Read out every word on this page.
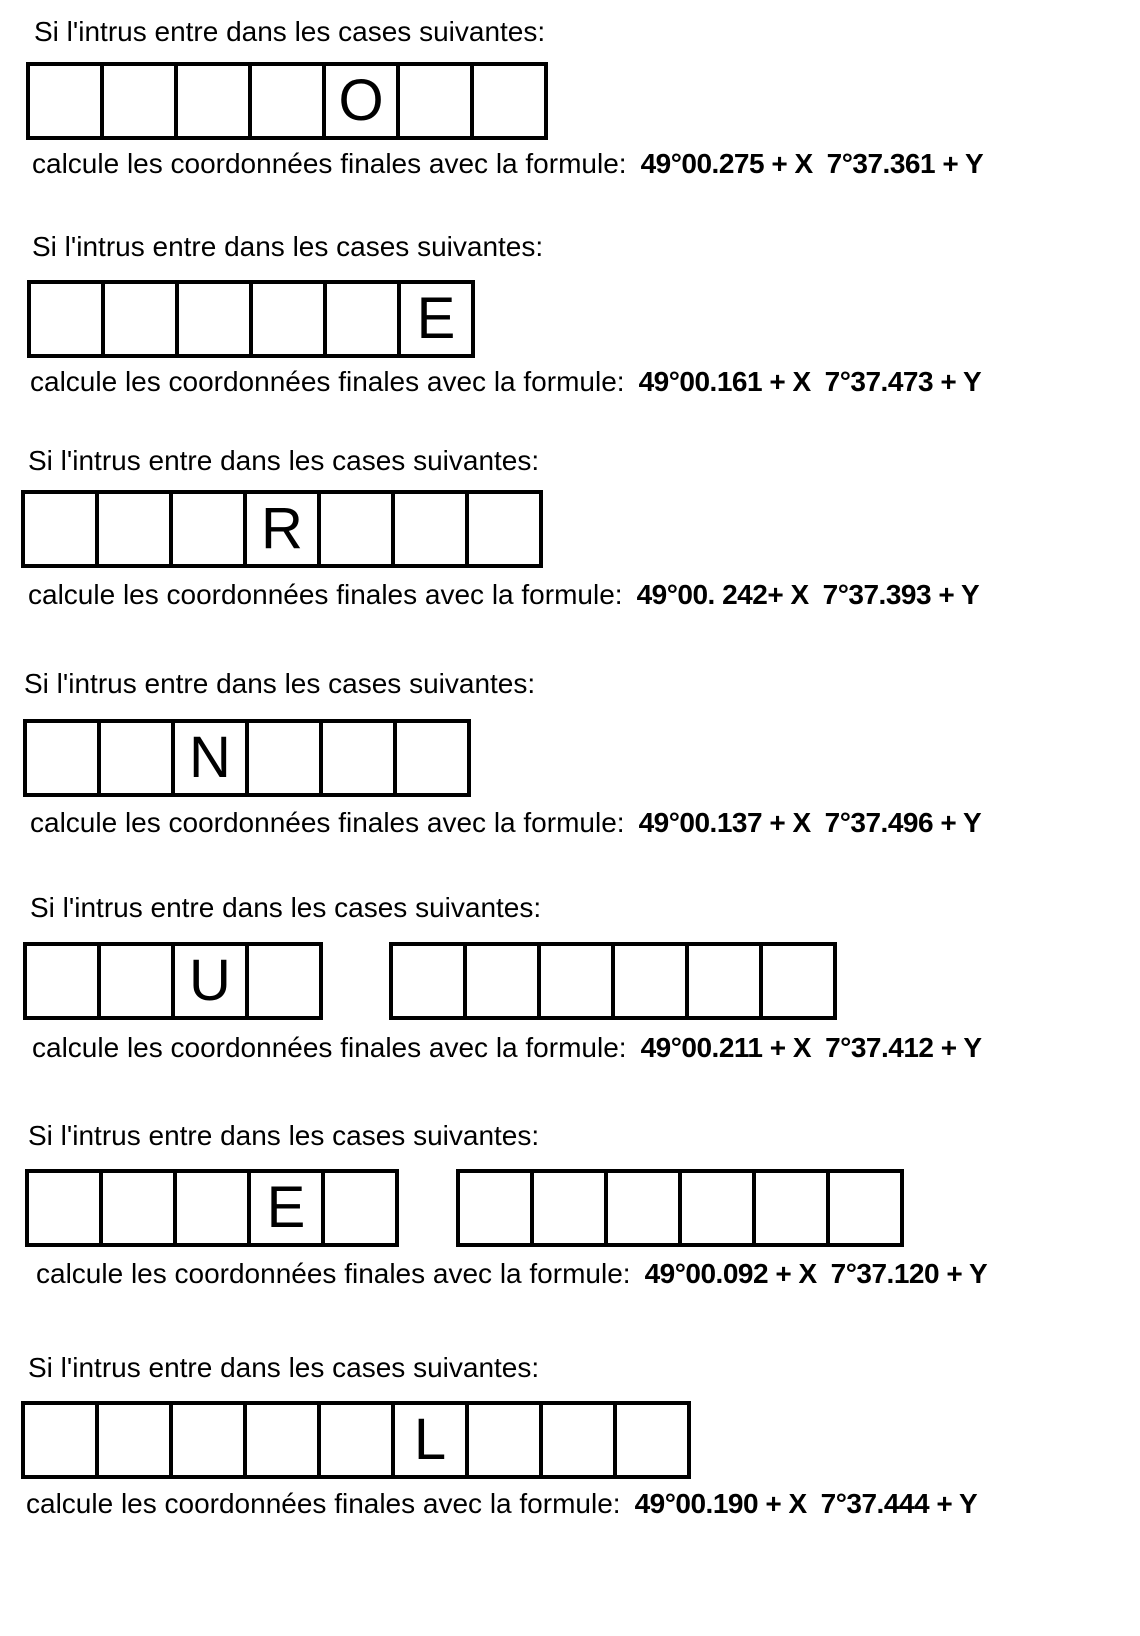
Si l'intrus entre dans les cases suivantes:
O
calcule les coordonnées finales avec la formule: 49°00.275 + X 7°37.361 + Y
Si l'intrus entre dans les cases suivantes:
E
calcule les coordonnées finales avec la formule: 49°00.161 + X 7°37.473 + Y
Si l'intrus entre dans les cases suivantes:
R
calcule les coordonnées finales avec la formule: 49°00. 242+ X 7°37.393 + Y
Si l'intrus entre dans les cases suivantes:
N
calcule les coordonnées finales avec la formule: 49°00.137 + X 7°37.496 + Y
Si l'intrus entre dans les cases suivantes:
U
calcule les coordonnées finales avec la formule: 49°00.211 + X 7°37.412 + Y
Si l'intrus entre dans les cases suivantes:
E
calcule les coordonnées finales avec la formule: 49°00.092 + X 7°37.120 + Y
Si l'intrus entre dans les cases suivantes:
L
calcule les coordonnées finales avec la formule: 49°00.190 + X 7°37.444 + Y
